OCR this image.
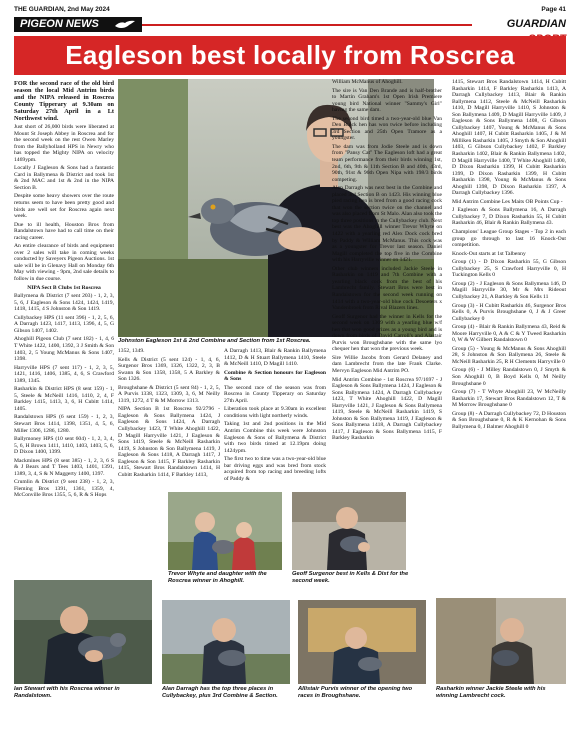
THE GUARDIAN, 2nd May 2024	Page 41
PIGEON NEWS	GUARDIAN
Eagleson best locally from Roscrea

FOR the second race of the old bird season the local Mid Antrim birds and the NIPA released in Roscrea County Tipperary at 9.30am on Saturday 27th April in a Lt Northwest wind.

Just short of 26,000 birds were liberated at Mount St Joseph Abbey in Roscrea and for the second week on the rest Owen Marley from the Ballyholland HPS in Newry who has topped the Mighty NIPA on velocity 1469ypm.

Locally J Eagleson & Sons had a fantastic Card in Ballymena & District and took 1st & 2nd MAC and 1st & 2nd in the NIPA Section B.

Despite some heavy showers over the route returns seem to have been pretty good and birds are well set for Roscrea again next week.

Due to ill health, Houston Bros from Randalstown have had to call time on their racing career.

An entire clearance of birds and equipment over 2 sales will take in coming weeks conducted by Saveyers Pigeon Auctions. 1st sale will be in Glenavy Hall on Monday 6th May with viewing - 9pm, 2nd sale details to follow in due course.

NIPA Sect B Clubs 1st Roscrea

Ballymena & District (7 sent 203) - 1, 2, 3, 5, 6, J Eagleson & Sons 1424, 1424, 1419, 1418, 1415, 4 S Johnston & Son 1419.

Cullybackey HPS (11 sent 396) - 1, 2, 5, 6, A Darragh 1423, 1417, 1413, 1396, 4, 5, G Gibson 1407, 1402.

Ahoghill Pigeon Club (7 sent 182) - 1, 4, 6 T White 1422, 1400, 1392, 3 J Smith & Son 1403, 2, 5 Young McManus & Sons 1407, 1398.

Harryville HPS (7 sent 117) - 1, 2, 3, 5, 1421, 1416, 1406, 1385, 4, 6, S Crawford 1389, 1345.

Rasharkin & District HPS (8 sent 159) - 1, 5, Steele & McNeill 1416, 1410, 2, 4, F Barkley 1415, 1413, 3, 6, H Cubitt 1414, 1405.

Randalstown HPS (6 sent 159) - 1, 2, 3, Stewart Bros 1414, 1398, 1351, 4, 5, 6, Miller 1306, 1286, 1280.

Ballymoney HPS (10 sent 604) - 1, 2, 3, 4, 5, 6, H Brown 1411, 1410, 1403, 1403, 5, 6, D Dixon 1400, 1399.

Mackmines HPS (8 sent 385) - 1, 2, 3, 6 S & J Bears and T Tees 1403, 1401, 1391, 1389, 3, 4, S & N Maggerty 1400, 1397.

Crumlin & District (9 sent 238) - 1, 2, 3, Fleming Bros 1391, 1361, 1359, 4, McConville Bros 1355, 5, 6, R & S Hops

Johnston Eagleson 1st & 2nd Combine and Section from 1st Roscrea.

1352, 1349.

Kells & District (5 sent 124) - 1, 4, 6, Surgenor Bros 1369, 1326, 1322, 2, 3, B Swann & Son 1358, 1358, 5 A Barkley & Son 1326.

Broughshane & District (5 sent 84) - 1, 2, 5, A Purvis 1338, 1323, 1309, 3, 6, M Neilly 1319, 1272, 4 T & M Morrow 1313.

NIPA Section B 1st Roscrea 92/2796 - Eagleson & Sons Ballymena 1424, J Eagleson & Sons 1424, A Darragh Cullybackey 1423, T White Ahoghill 1422, D Magill Harryville 1421, J Eagleson & Sons 1419, Steele & McNeill Rasharkin 1419, S Johnston & Son Ballymena 1419, J Eagleson & Sons 1418, A Darragh 1417, J Eagleson & Son 1415, F Barkley Rasharkin 1415, Stewart Bros Randalstown 1414, H Cubitt Rasharkin 1414, F Barkley 1413,

A Darragh 1413, Blair & Rankin Ballymena 1412, D & H Stuart Ballymena 1410, Steele & McNeill 1410, D Magill 1410.

Combine & Section honours for Eagleson & Sons

The second race of the season was from Roscrea in County Tipperary on Saturday 27th April.

Liberation took place at 9.30am in excellent conditions with light northerly winds.

Taking 1st and 2nd positions in the Mid Antrim Combine this week were Johnston Eagleson & Sons of Ballymena & District with two birds timed at 12.19pm doing 1424ypm.

The first two to time was a two-year-old blue bar driving eggs and was bred from stock acquired from top racing and breeding lofts of Paddy &

William McManus of Ahoghill.

The sire is Van Den Brande and is half-brother to Martin Graham's 1st Open Irish Premiere young bird National winner "Sammy's Girl" having the same dam.

The second bird timed a two-year-old blue Van Den Bulck hen has won twice before including 3rd Section and 25th Open Tramore as a youngster.

The dam was from Jodie Steele and is down from "Pansy Cat" The Eagleson loft had a great team performance from their birds winning 1st, 2nd, 6th, 9th & 11th Section B and 40th, 43rd, 90th, 91st & 96th Open Nipa with 198/3 birds competing.

Alan Darragh was next best in the Combine and placed 3rd Section B on 1423. His winning blue pied racing hen is bred from a good racing cock that won the section twice on the channel and was also placed from St Malo. Alan also took the top three positions in the Cullybackey club. Next best was the Ahoghill winner Trevor Whyte on 1422 with a yearling red Alex Dock cock bred by Paddy & William McManus. This cock was as a youngster for Trevor last season. Daniel Magill completed the top five in the Combine with his Harryville winner on 1421.

Other club winners included Jackie Steele in Rasharkin on 1419 and 7th Combine with a yearling black cock from the best of his Lambrecht family. Stewart Bros were best in Randalstown for the second week running on 1414 with a two-year-old blue cock Desoeters x Vandenbroek from Rival Blazers lines.

Geoff Surgenor had the winner in Kells for the second week on 1369 with a yearling blue w/f hen that won good prizes as a young bird and is down from birds of David Carroll's and Alastair Purvis won Broughshane with the same lyo chequer hen that won the previous week.

Sire Willie Jacobs from Gerard Delaney and dam Lambrecht from the late Frank Clarke. Mervyn Eagleson Mid Antrim PO.

Mid Antrim Combine - 1st Roscrea 97/1697 - J Eagleson & Sons Ballymena 1424, J Eagleson & Sons Ballymena 1424, A Darragh Cullybackey 1423, T White Ahoghill 1422, D Magill Harryville 1421, J Eagleson & Sons Ballymena 1419, Steele & McNeill Rasharkin 1419, S Johnston & Son Ballymena 1419, J Eagleson & Sons Ballymena 1418, A Darragh Cullybackey 1417, J Eagleson & Sons Ballymena 1415, F Barkley Rasharkin

1415, Stewart Bros Randalstown 1414, H Cubitt Rasharkin 1414, F Barkley Rasharkin 1413, A Darragh Cullybackey 1413, Blair & Rankin Ballymena 1412, Steele & McNeill Rasharkin 1410, D Magill Harryville 1410, S Johnston & Son Ballymena 1409, D Magill Harryville 1409, J Eagleson & Sons Ballymena 1408, G Gibson Cullybackey 1407, Young & McManus & Sons Ahoghill 1407, H Cubitt Rasharkin 1405, J & M Milliken Rasharkin 1405, J Smyth & Son Ahoghill 1403, G Gibson Cullybackey 1402, F Barkley Rasharkin 1402, Blair & Rankin Ballymena 1402, D Magill Harryville 1400, T White Ahoghill 1400, D Dixon Rasharkin 1399, H Cubitt Rasharkin 1399, D Dixon Rasharkin 1399, H Cubitt Rasharkin 1398, Young & McManus & Sons Ahoghill 1398, D Dixon Rasharkin 1397, A Darragh Cullybackey 1396.

Mid Antrim Combine Les Maits OB Points Cup -

J Eagleson & Sons Ballymena 16, A Darragh Cullybackey 7, D Dixon Rasharkin 55, H Cubitt Rasharkin 46, Blair & Rankin Ballymena 43.

Champions' League Group Stages - Top 2 in each group go through to last 16 Knock-Out competition.

Knock-Out starts at 1st Talbenny

Group (1) - D Dixon Rasharkin 55, G Gibson Cullybackey 25, S Crawford Harryville 0, H Tuckington Kells 0

Group (2) - J Eagleson & Sons Ballymena 146, D Magill Harryville 30, Mr & Mrs Rideout Cullybackey 21, A Barkley & Son Kells 11

Group (3) - H Cubitt Rasharkin 46, Surgenor Bros Kells 0, A Purvis Broughshane 0, J & J Greer Cullybackey 0

Group (4) - Blair & Rankin Ballymena 43, Reid & Moore Harryville 0, A & C & Y Tweed Rasharkin 0, W & W Gilbert Randalstown 0

Group (5) - Young & McManus & Sons Ahoghill 28, S Johnston & Son Ballymena 26, Steele & McNeill Rasharkin 25, R H Clements Harryville 0

Group (6) - J Milley Randalstown 0, J Smyth & Son Ahoghill 0, B Boyd Kells 0, M Neilly Broughshane 0

Group (7) - T Whyte Ahoghill 23, W McNeilly Rasharkin 17, Stewart Bros Randalstown 12, T & M Morrow Broughshane 0

Group (8) - A Darragh Cullybackey 72, D Houston & Son Broughshane 0, R & K Kernohan & Sons Ballymena 0, J Balmer Ahoghill 0

Trevor Whyte and daughter with the Roscrea winner in Ahoghill.
Geoff Surgenor best in Kells & Dist for the second week.
Ian Stewart with his Roscrea winner in Randalstown.
Alan Darragh has the top three places in Cullybackey, plus 3rd Combine & Section.
Allistair Purvis winner of the opening two races in Broughshane.
Rasharkin winner Jackie Steele with his winning Lambrecht cock.
